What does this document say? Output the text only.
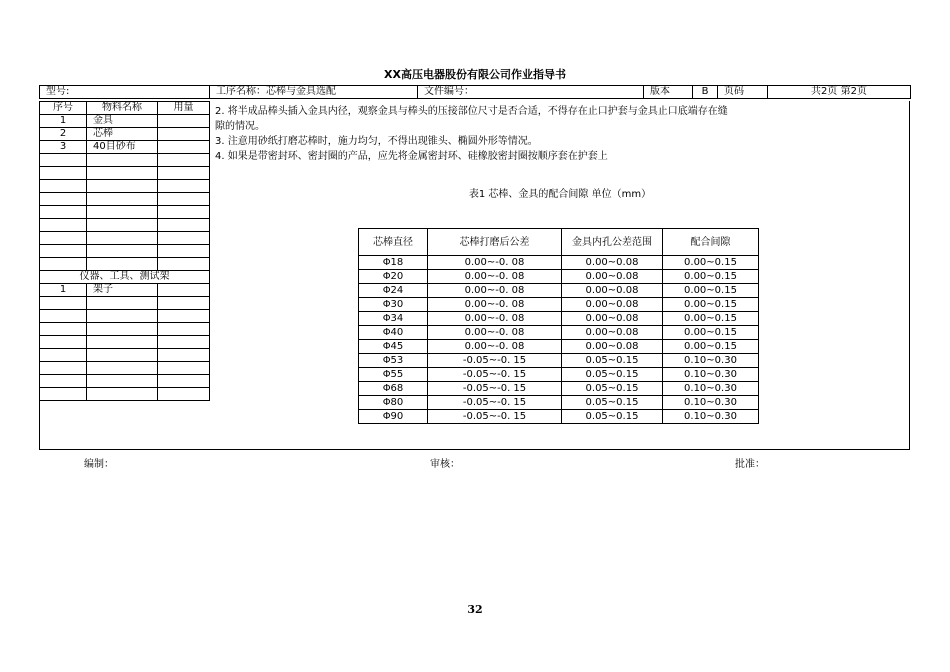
XX高压电器股份有限公司作业指导书
型号:	工序名称：芯棒与金具选配	文件编号：	版本	B	页码	共2页 第2页
序号	物料名称	用量
1	金具	
2	芯棒	
3	40目砂布	

仪器、工具、测试架		
1	架子	

2. 将半成品棒头插入金具内径，观察金具与棒头的压接部位尺寸是否合适，不得存在止口护套与金具止口底端存在缝
隙的情况。
3. 注意用砂纸打磨芯棒时，施力均匀，不得出现锥头、椭圆外形等情况。
4. 如果是带密封环、密封圈的产品，应先将金属密封环、硅橡胶密封圈按顺序套在护套上
表1 芯棒、金具的配合间隙 单位（mm）
芯棒直径	芯棒打磨后公差	金具内孔公差范围	配合间隙
Φ18	0.00~-0. 08	0.00~0.08	0.00~0.15
Φ20	0.00~-0. 08	0.00~0.08	0.00~0.15
Φ24	0.00~-0. 08	0.00~0.08	0.00~0.15
Φ30	0.00~-0. 08	0.00~0.08	0.00~0.15
Φ34	0.00~-0. 08	0.00~0.08	0.00~0.15
Φ40	0.00~-0. 08	0.00~0.08	0.00~0.15
Φ45	0.00~-0. 08	0.00~0.08	0.00~0.15
Φ53	-0.05~-0. 15	0.05~0.15	0.10~0.30
Φ55	-0.05~-0. 15	0.05~0.15	0.10~0.30
Φ68	-0.05~-0. 15	0.05~0.15	0.10~0.30
Φ80	-0.05~-0. 15	0.05~0.15	0.10~0.30
Φ90	-0.05~-0. 15	0.05~0.15	0.10~0.30
编制：	审核：	批准：
32
